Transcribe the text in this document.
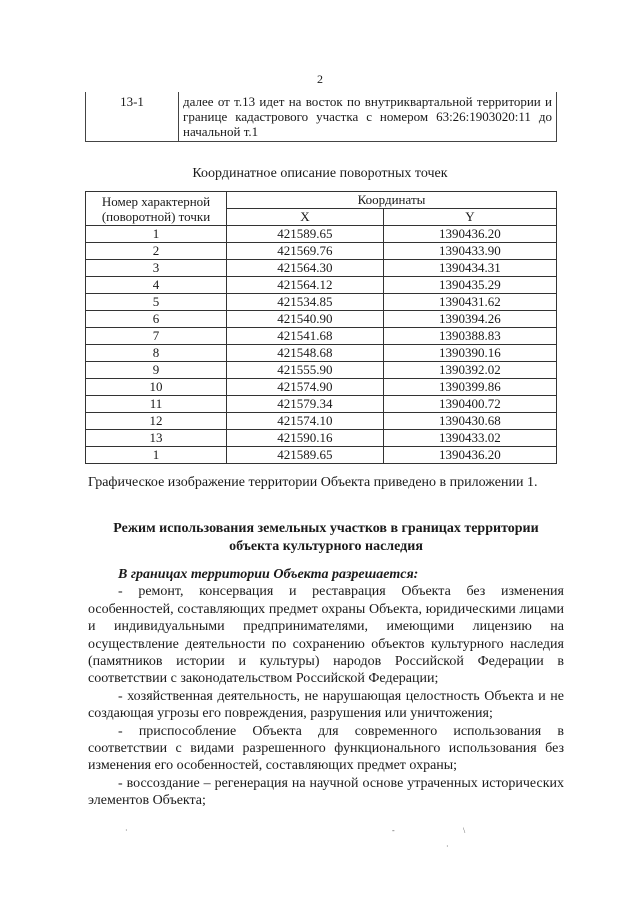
2
13-1	далее от т.13 идет на восток по внутриквартальной территории и границе кадастрового участка с номером 63:26:1903020:11 до начальной т.1
Координатное описание поворотных точек
Номер характерной (поворотной) точки	Координаты	
	X	Y
1	421589.65	1390436.20
2	421569.76	1390433.90
3	421564.30	1390434.31
4	421564.12	1390435.29
5	421534.85	1390431.62
6	421540.90	1390394.26
7	421541.68	1390388.83
8	421548.68	1390390.16
9	421555.90	1390392.02
10	421574.90	1390399.86
11	421579.34	1390400.72
12	421574.10	1390430.68
13	421590.16	1390433.02
1	421589.65	1390436.20
Графическое изображение территории Объекта приведено в приложении 1.
Режим использования земельных участков в границах территории объекта культурного наследия

В границах территории Объекта разрешается:

- ремонт, консервация и реставрация Объекта без изменения особенностей, составляющих предмет охраны Объекта, юридическими лицами и индивидуальными предпринимателями, имеющими лицензию на осуществление деятельности по сохранению объектов культурного наследия (памятников истории и культуры) народов Российской Федерации в соответствии с законодательством Российской Федерации;

- хозяйственная деятельность, не нарушающая целостность Объекта и не создающая угрозы его повреждения, разрушения или уничтожения;

- приспособление Объекта для современного использования в соответствии с видами разрешенного функционального использования без изменения его особенностей, составляющих предмет охраны;

- воссоздание – регенерация на научной основе утраченных исторических элементов Объекта;

·	-	\
·
